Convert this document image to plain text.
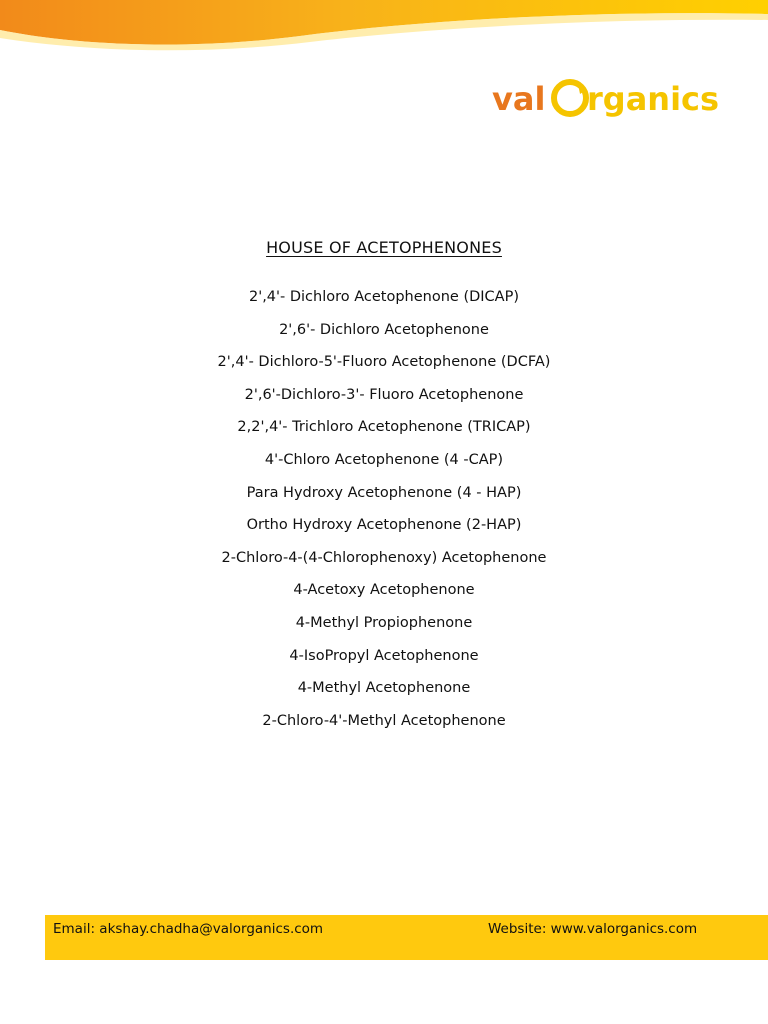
val rganics
HOUSE OF ACETOPHENONES
2',4'- Dichloro Acetophenone (DICAP)
2',6'- Dichloro Acetophenone
2',4'- Dichloro-5'-Fluoro Acetophenone (DCFA)
2',6'-Dichloro-3'- Fluoro Acetophenone
2,2',4'- Trichloro Acetophenone (TRICAP)
4'-Chloro Acetophenone (4 -CAP)
Para Hydroxy Acetophenone (4 - HAP)
Ortho Hydroxy Acetophenone (2-HAP)
2-Chloro-4-(4-Chlorophenoxy) Acetophenone
4-Acetoxy Acetophenone
4-Methyl Propiophenone
4-IsoPropyl Acetophenone
4-Methyl Acetophenone
2-Chloro-4'-Methyl Acetophenone
Email: akshay.chadha@valorganics.com	Website: www.valorganics.com
